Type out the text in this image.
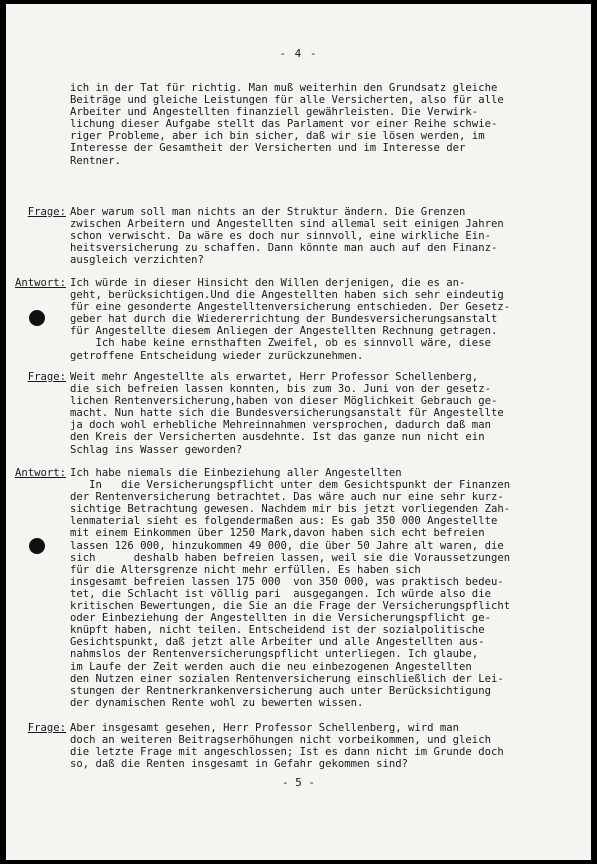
- 4 -
ich in der Tat für richtig. Man muß weiterhin den Grundsatz gleiche
Beiträge und gleiche Leistungen für alle Versicherten, also für alle
Arbeiter und Angestellten finanziell gewährleisten. Die Verwirk-
lichung dieser Aufgabe stellt das Parlament vor einer Reihe schwie-
riger Probleme, aber ich bin sicher, daß wir sie lösen werden, im
Interesse der Gesamtheit der Versicherten und im Interesse der
Rentner.
Frage: Aber warum soll man nichts an der Struktur ändern. Die Grenzen
zwischen Arbeitern und Angestellten sind allemal seit einigen Jahren
schon verwischt. Da wäre es doch nur sinnvoll, eine wirkliche Ein-
heitsversicherung zu schaffen. Dann könnte man auch auf den Finanz-
ausgleich verzichten?
Antwort: Ich würde in dieser Hinsicht den Willen derjenigen, die es an-
geht, berücksichtigen.Und die Angestellten haben sich sehr eindeutig
für eine gesonderte Angestelltenversicherung entschieden. Der Gesetz-
geber hat durch die Wiedererrichtung der Bundesversicherungsanstalt
für Angestellte diesem Anliegen der Angestellten Rechnung getragen.
Ich habe keine ernsthaften Zweifel, ob es sinnvoll wäre, diese
getroffene Entscheidung wieder zurückzunehmen.
Frage: Weit mehr Angestellte als erwartet, Herr Professor Schellenberg,
die sich befreien lassen konnten, bis zum 3o. Juni von der gesetz-
lichen Rentenversicherung,haben von dieser Möglichkeit Gebrauch ge-
macht. Nun hatte sich die Bundesversicherungsanstalt für Angestellte
ja doch wohl erhebliche Mehreinnahmen versprochen, dadurch daß man
den Kreis der Versicherten ausdehnte. Ist das ganze nun nicht ein
Schlag ins Wasser geworden?
Antwort: Ich habe niemals die Einbeziehung aller Angestellten
In   die Versicherungspflicht unter dem Gesichtspunkt der Finanzen
der Rentenversicherung betrachtet. Das wäre auch nur eine sehr kurz-
sichtige Betrachtung gewesen. Nachdem mir bis jetzt vorliegenden Zah-
lenmaterial sieht es folgendermaßen aus: Es gab 350 000 Angestellte
mit einem Einkommen über 1250 Mark,davon haben sich echt befreien
lassen 126 000, hinzukommen 49 000, die über 50 Jahre alt waren, die
sich      deshalb haben befreien lassen, weil sie die Voraussetzungen
für die Altersgrenze nicht mehr erfüllen. Es haben sich
insgesamt befreien lassen 175 000  von 350 000, was praktisch bedeu-
tet, die Schlacht ist völlig pari  ausgegangen. Ich würde also die
kritischen Bewertungen, die Sie an die Frage der Versicherungspflicht
oder Einbeziehung der Angestellten in die Versicherungspflicht ge-
knüpft haben, nicht teilen. Entscheidend ist der sozialpolitische
Gesichtspunkt, daß jetzt alle Arbeiter und alle Angestellten aus-
nahmslos der Rentenversicherungspflicht unterliegen. Ich glaube,
im Laufe der Zeit werden auch die neu einbezogenen Angestellten
den Nutzen einer sozialen Rentenversicherung einschließlich der Lei-
stungen der Rentnerkrankenversicherung auch unter Berücksichtigung
der dynamischen Rente wohl zu bewerten wissen.
Frage: Aber insgesamt gesehen, Herr Professor Schellenberg, wird man
doch an weiteren Beitragserhöhungen nicht vorbeikommen, und gleich
die letzte Frage mit angeschlossen; Ist es dann nicht im Grunde doch
so, daß die Renten insgesamt in Gefahr gekommen sind?
- 5 -
